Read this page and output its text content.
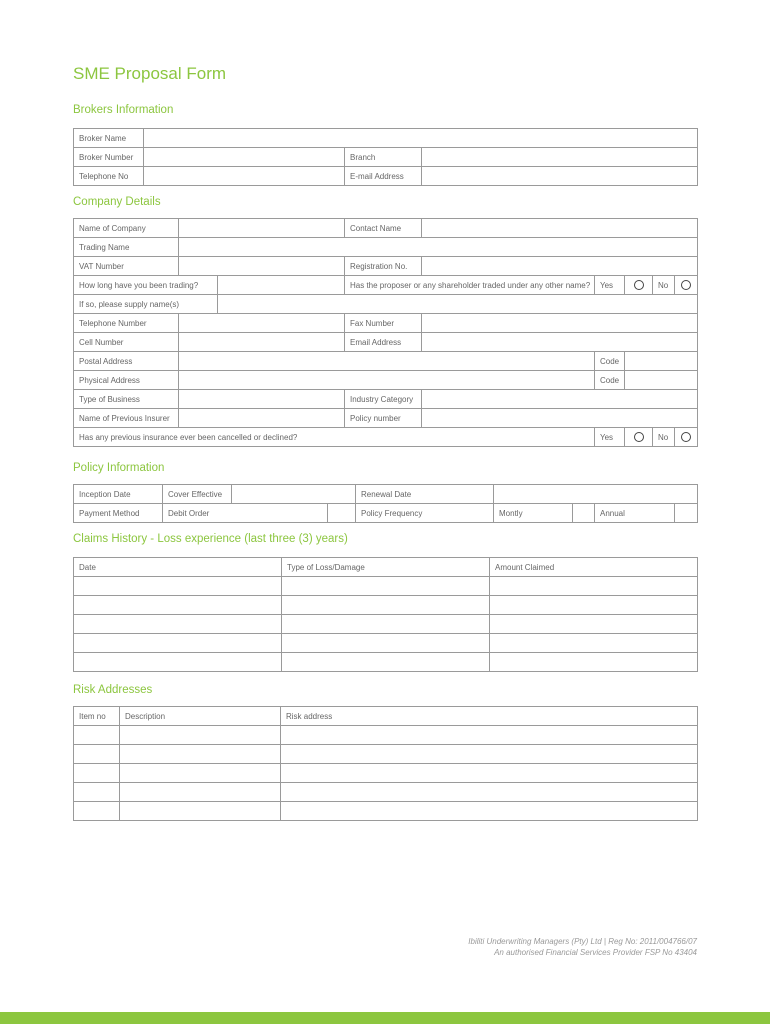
SME Proposal Form
Brokers Information
Broker Name			
Broker Number		Branch	
Telephone No		E-mail Address	
Company Details
Name of Company			Contact Name					
Trading Name								
VAT Number			Registration No.					
How long have you been trading?			Has the proposer or any shareholder traded under any other name?		Yes		No	
If so, please supply name(s)								
Telephone Number			Fax Number					
Cell Number			Email Address					
Postal Address					Code			
Physical Address					Code			
Type of Business			Industry Category					
Name of Previous Insurer			Policy number					
Has any previous insurance ever been cancelled or declined?					Yes		No	
Policy Information
Inception Date	Cover Effective			Renewal Date				
Payment Method	Debit Order			Policy Frequency	Montly		Annual	
Claims History - Loss experience (last three (3) years)
Date	Type of Loss/Damage	Amount Claimed

Risk Addresses
Item no	Description	Risk address

Ibiliti Underwriting Managers (Pty) Ltd | Reg No: 2011/004766/07
An authorised Financial Services Provider FSP No 43404
